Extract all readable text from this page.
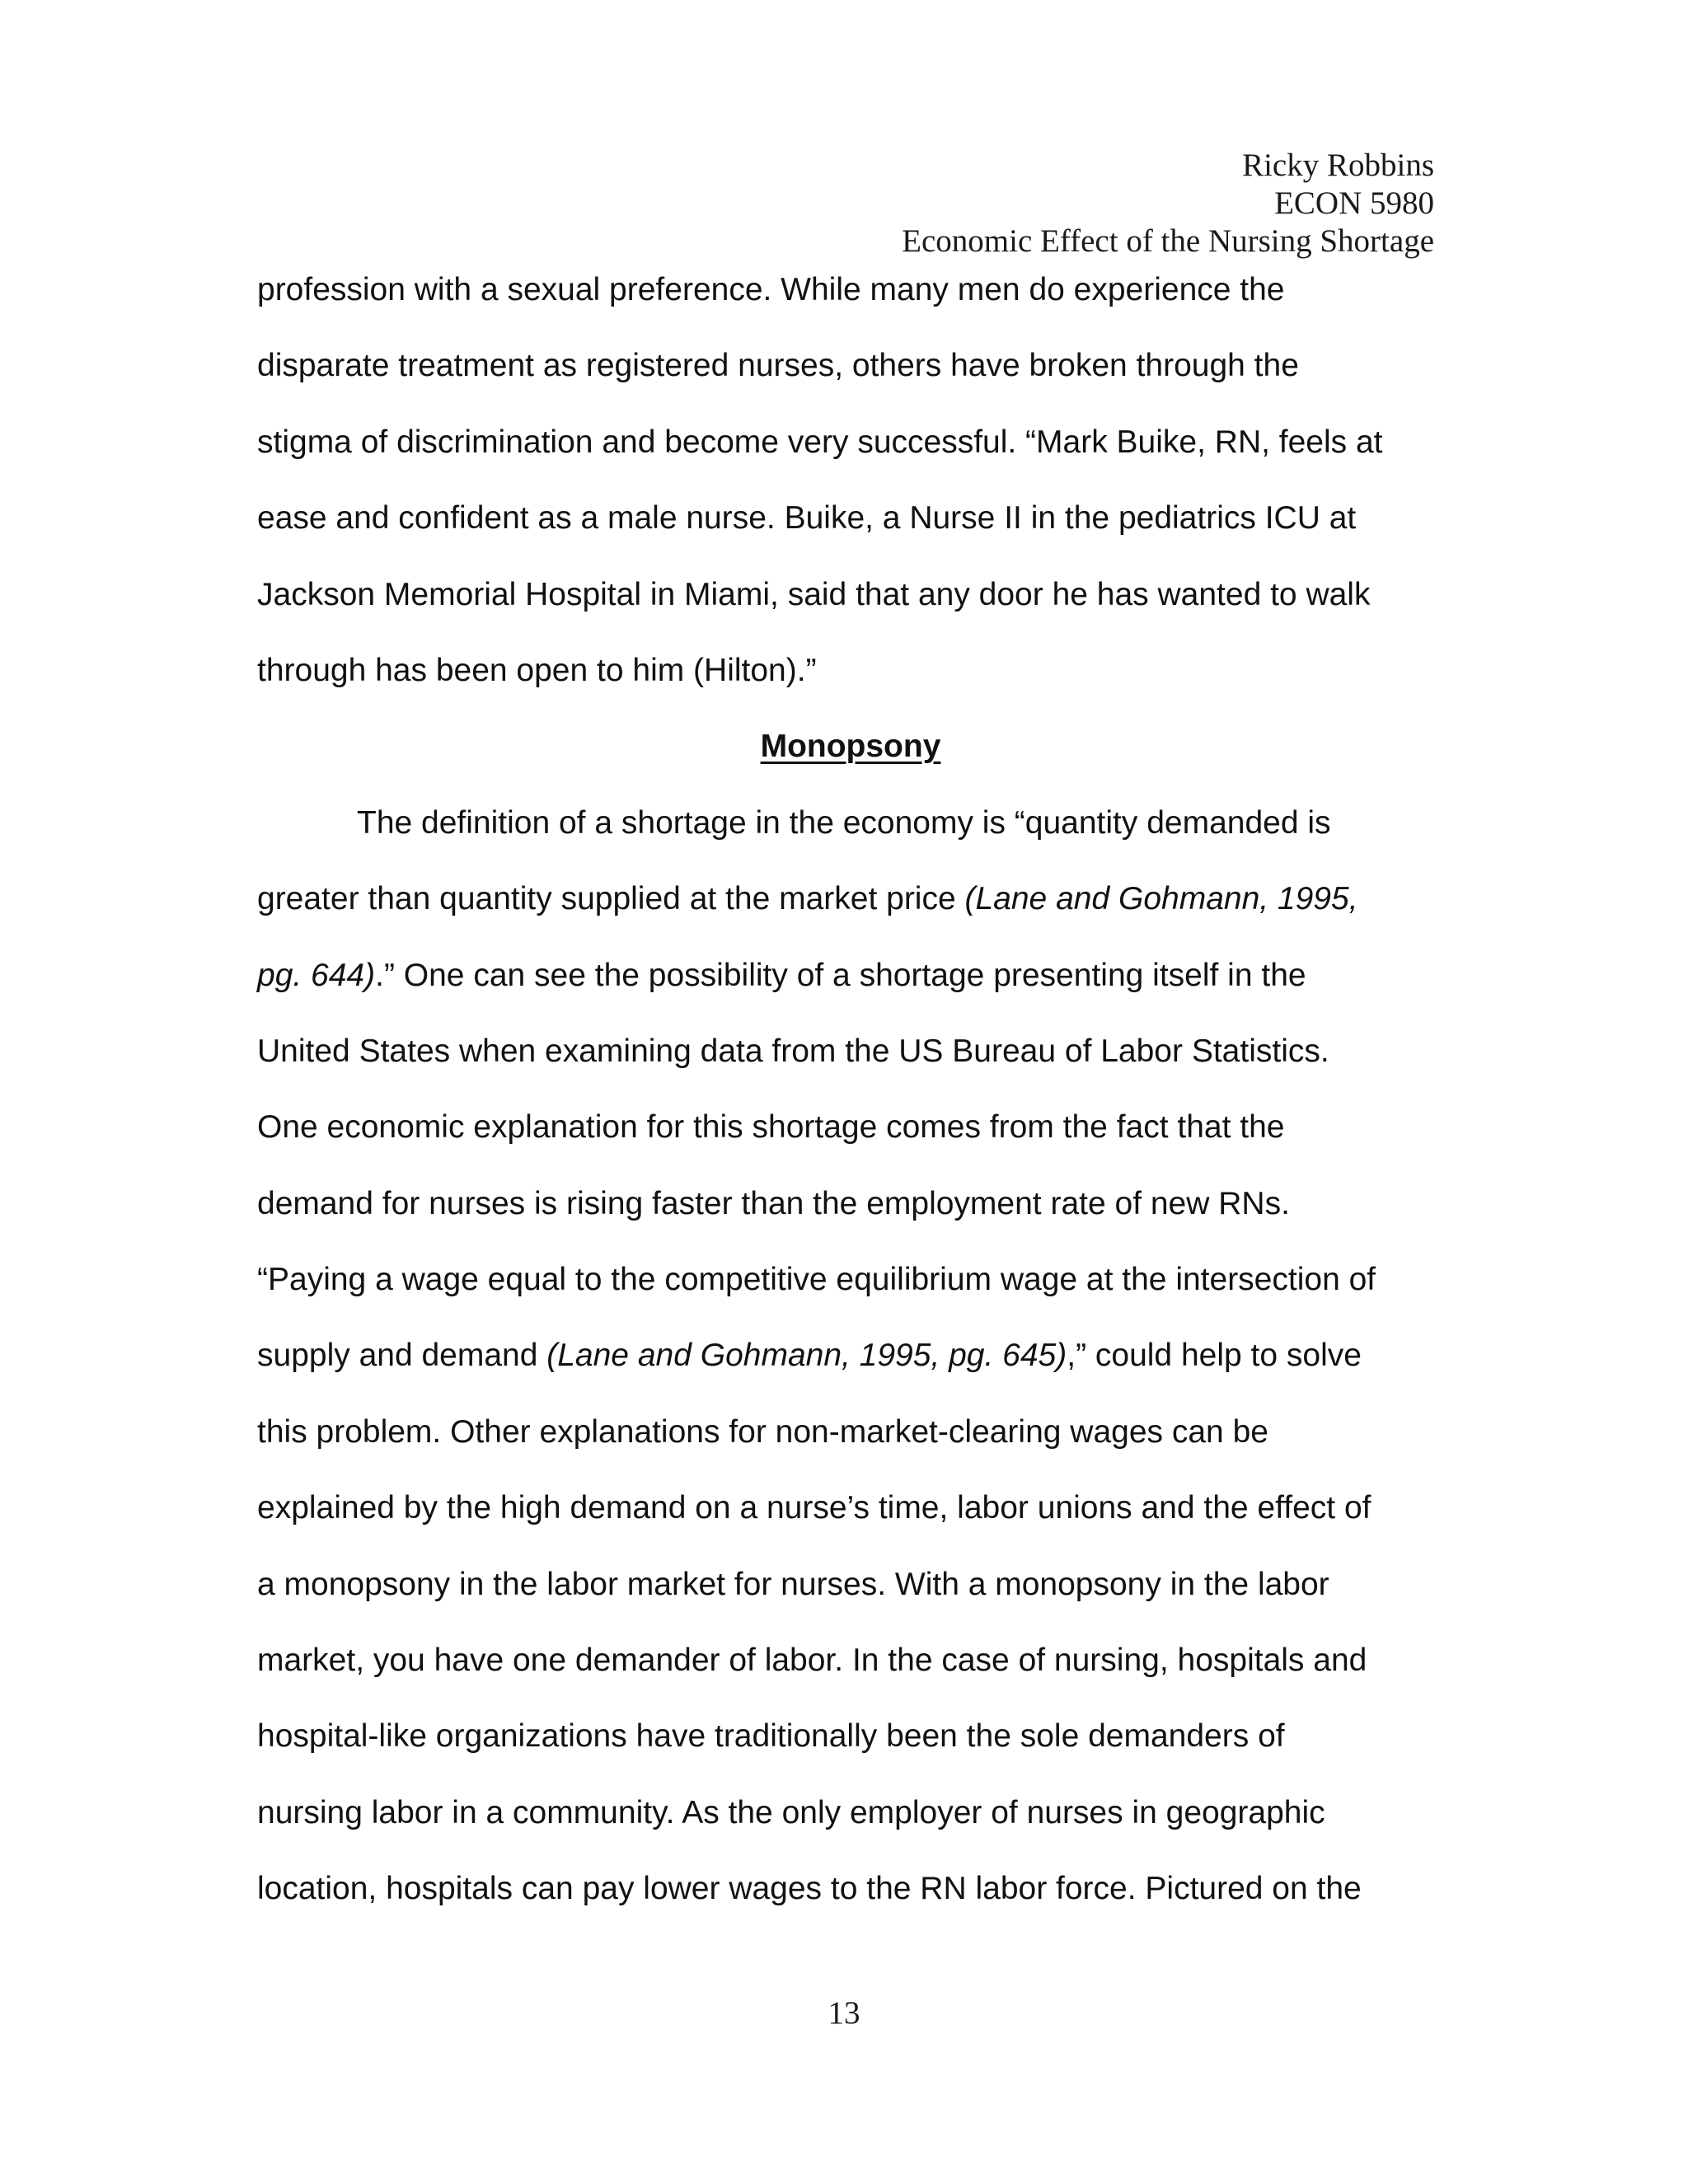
Ricky Robbins
ECON 5980
Economic Effect of the Nursing Shortage
profession with a sexual preference. While many men do experience the
disparate treatment as registered nurses, others have broken through the
stigma of discrimination and become very successful. “Mark Buike, RN, feels at
ease and confident as a male nurse. Buike, a Nurse II in the pediatrics ICU at
Jackson Memorial Hospital in Miami, said that any door he has wanted to walk
through has been open to him (Hilton).”
Monopsony
The definition of a shortage in the economy is “quantity demanded is
greater than quantity supplied at the market price (Lane and Gohmann, 1995,
pg. 644).” One can see the possibility of a shortage presenting itself in the
United States when examining data from the US Bureau of Labor Statistics.
One economic explanation for this shortage comes from the fact that the
demand for nurses is rising faster than the employment rate of new RNs.
“Paying a wage equal to the competitive equilibrium wage at the intersection of
supply and demand (Lane and Gohmann, 1995, pg. 645),” could help to solve
this problem. Other explanations for non-market-clearing wages can be
explained by the high demand on a nurse’s time, labor unions and the effect of
a monopsony in the labor market for nurses. With a monopsony in the labor
market, you have one demander of labor. In the case of nursing, hospitals and
hospital-like organizations have traditionally been the sole demanders of
nursing labor in a community. As the only employer of nurses in geographic
location, hospitals can pay lower wages to the RN labor force. Pictured on the
13
